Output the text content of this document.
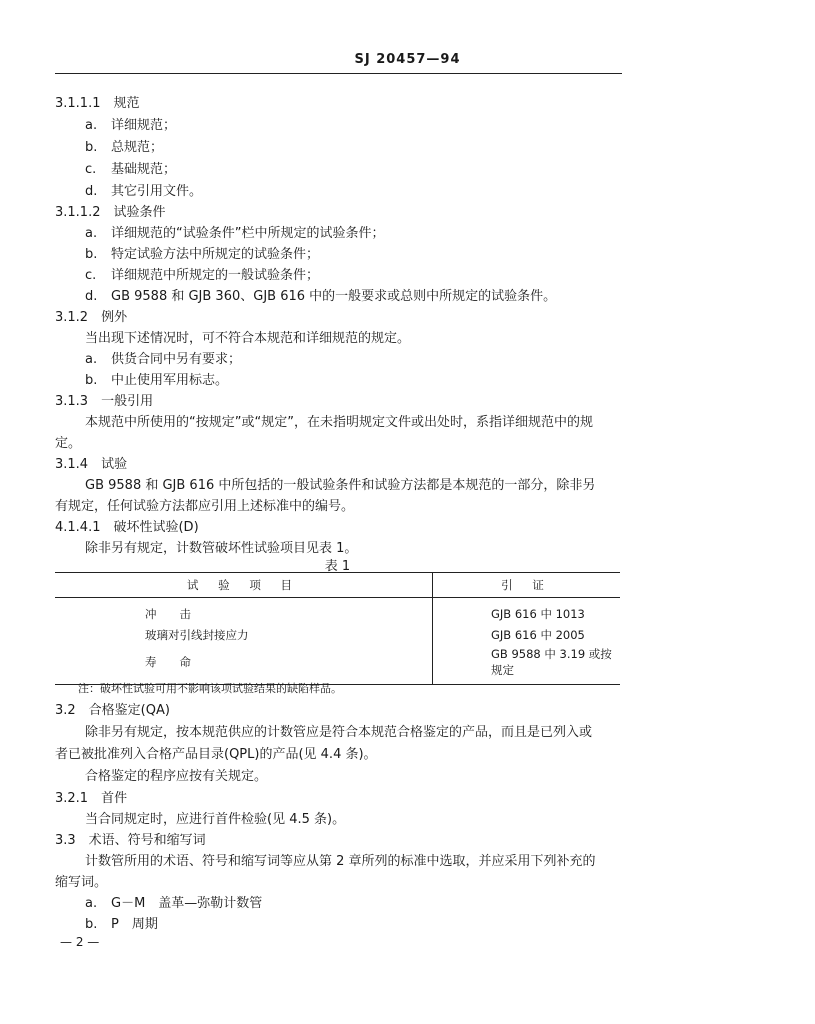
SJ 20457—94
3.1.1.1　规范
a. 详细规范；
b. 总规范；
c. 基础规范；
d. 其它引用文件。
3.1.1.2　试验条件
a. 详细规范的“试验条件”栏中所规定的试验条件；
b. 特定试验方法中所规定的试验条件；
c. 详细规范中所规定的一般试验条件；
d. GB 9588 和 GJB 360、GJB 616 中的一般要求或总则中所规定的试验条件。
3.1.2　例外
当出现下述情况时，可不符合本规范和详细规范的规定。
a. 供货合同中另有要求；
b. 中止使用军用标志。
3.1.3　一般引用
本规范中所使用的“按规定”或“规定”，在未指明规定文件或出处时，系指详细规范中的规
定。
3.1.4　试验
GB 9588 和 GJB 616 中所包括的一般试验条件和试验方法都是本规范的一部分，除非另
有规定，任何试验方法都应引用上述标准中的编号。
4.1.4.1　破坏性试验(D)
除非另有规定，计数管破坏性试验项目见表 1。
表 1
试 验 项 目	引 证
冲　　击	GJB 616 中 1013
玻璃对引线封接应力	GJB 616 中 2005
寿　　命	GB 9588 中 3.19 或按规定
注：破坏性试验可用不影响该项试验结果的缺陷样品。
3.2　合格鉴定(QA)
除非另有规定，按本规范供应的计数管应是符合本规范合格鉴定的产品，而且是已列入或
者已被批准列入合格产品目录(QPL)的产品(见 4.4 条)。
合格鉴定的程序应按有关规定。
3.2.1　首件
当合同规定时，应进行首件检验(见 4.5 条)。
3.3　术语、符号和缩写词
计数管所用的术语、符号和缩写词等应从第 2 章所列的标准中选取，并应采用下列补充的
缩写词。
a. G－M　盖革—弥勒计数管
b. P　周期
— 2 —
